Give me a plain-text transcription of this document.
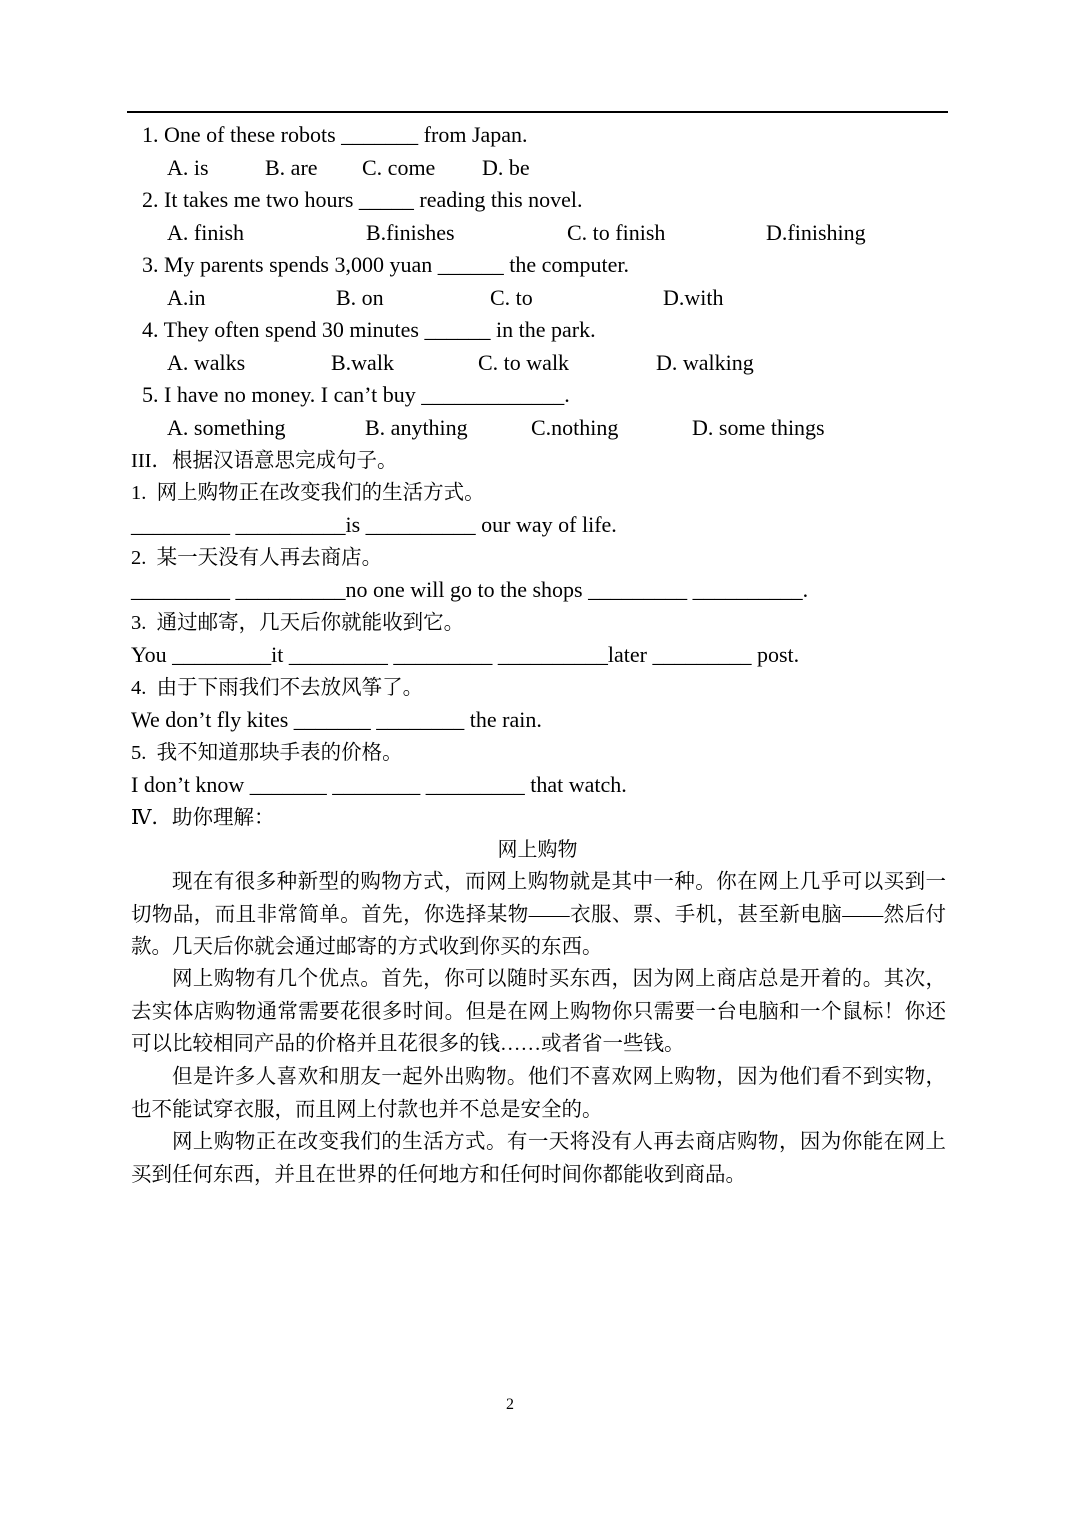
1. One of these robots _______ from Japan.
A. is	B. are C. come D. be
2. It takes me two hours _____ reading this novel.
A. finish	B.finishes	C. to finish	D.finishing
3. My parents spends 3,000 yuan ______ the computer.
A.in	B. on	C. to	D.with
4. They often spend 30 minutes ______ in the park.
A. walks	B.walk	C. to walk	D. walking
5. I have no money. I can’t buy _____________.
A. something	B. anything	C.nothing	D. some things
III．根据汉语意思完成句子。
1.  网上购物正在改变我们的生活方式。
_________ __________is __________ our way of life.
2.  某一天没有人再去商店。
_________ __________no one will go to the shops _________ __________.
3.  通过邮寄，几天后你就能收到它。
You _________it _________ _________ __________later _________ post.
4.  由于下雨我们不去放风筝了。
We don’t fly kites _______ ________ the rain.
5.  我不知道那块手表的价格。
I don’t know _______ ________ _________ that watch.
Ⅳ．助你理解：
网上购物
现在有很多种新型的购物方式，而网上购物就是其中一种。你在网上几乎可以买到一切物品，而且非常简单。首先，你选择某物——衣服、票、手机，甚至新电脑——然后付款。几天后你就会通过邮寄的方式收到你买的东西。
网上购物有几个优点。首先，你可以随时买东西，因为网上商店总是开着的。其次，去实体店购物通常需要花很多时间。但是在网上购物你只需要一台电脑和一个鼠标！你还可以比较相同产品的价格并且花很多的钱……或者省一些钱。
但是许多人喜欢和朋友一起外出购物。他们不喜欢网上购物，因为他们看不到实物，也不能试穿衣服，而且网上付款也并不总是安全的。
网上购物正在改变我们的生活方式。有一天将没有人再去商店购物，因为你能在网上买到任何东西，并且在世界的任何地方和任何时间你都能收到商品。
2
